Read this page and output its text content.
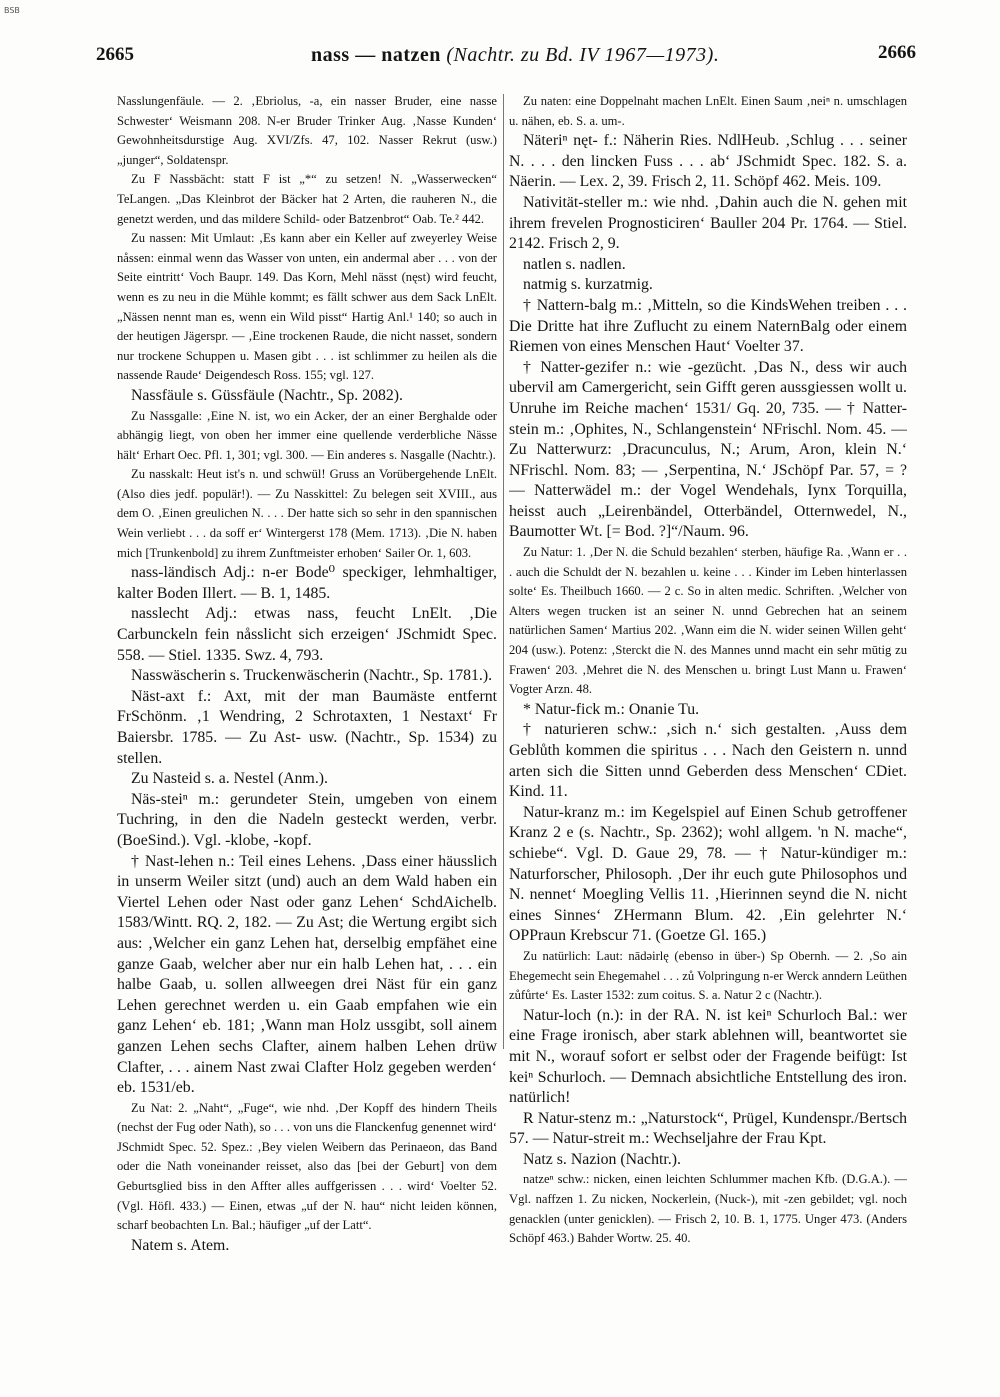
BSB
2665	nass — natzen (Nachtr. zu Bd. IV 1967—1973).	2666

Nasslungenfäule. — 2. ‚Ebriolus, -a, ein nasser Bruder, eine nasse Schwester‘ Weismann 208. N-er Bruder Trinker Aug. ‚Nasse Kunden‘ Gewohnheitsdurstige Aug. XVI/Zfs. 47, 102. Nasser Rekrut (usw.) „junger“, Soldatenspr.

Zu F Nassbächt: statt F ist „*“ zu setzen! N. „Wasserwecken“ TeLangen. „Das Kleinbrot der Bäcker hat 2 Arten, die rauheren N., die genetzt werden, und das mildere Schild- oder Batzenbrot“ Oab. Te.² 442.

Zu nassen: Mit Umlaut: ‚Es kann aber ein Keller auf zweyerley Weise nåssen: einmal wenn das Wasser von unten, ein andermal aber . . . von der Seite eintritt‘ Voch Baupr. 149. Das Korn, Mehl nässt (nęst) wird feucht, wenn es zu neu in die Mühle kommt; es fällt schwer aus dem Sack LnElt. „Nässen nennt man es, wenn ein Wild pisst“ Hartig Anl.¹ 140; so auch in der heutigen Jägerspr. — ‚Eine trockenen Raude, die nicht nasset, sondern nur trockene Schuppen u. Masen gibt . . . ist schlimmer zu heilen als die nassende Raude‘ Deigendesch Ross. 155; vgl. 127.

Nassfäule s. Güssfäule (Nachtr., Sp. 2082).

Zu Nassgalle: ‚Eine N. ist, wo ein Acker, der an einer Berghalde oder abhängig liegt, von oben her immer eine quellende verderbliche Nässe hält‘ Erhart Oec. Pfl. 1, 301; vgl. 300. — Ein anderes s. Nasgalle (Nachtr.).

Zu nasskalt: Heut ist's n. und schwül! Gruss an Vorübergehende LnElt. (Also dies jedf. populär!). — Zu Nasskittel: Zu belegen seit XVIII., aus dem O. ‚Einen greulichen N. . . . Der hatte sich so sehr in den spannischen Wein verliebt . . . da soff er‘ Wintergerst 178 (Mem. 1713). ‚Die N. haben mich [Trunkenbold] zu ihrem Zunftmeister erhoben‘ Sailer Or. 1, 603.

nass-ländisch Adj.: n-er Bode⁰ speckiger, lehmhaltiger, kalter Boden Illert. — B. 1, 1485.

nasslecht Adj.: etwas nass, feucht LnElt. ‚Die Carbunckeln fein nåsslicht sich erzeigen‘ JSchmidt Spec. 558. — Stiel. 1335. Swz. 4, 793.

Nasswäscherin s. Truckenwäscherin (Nachtr., Sp. 1781.).

Näst-axt f.: Axt, mit der man Baumäste entfernt FrSchönm. ‚1 Wendring, 2 Schrotaxten, 1 Nestaxt‘ Fr Baiersbr. 1785. — Zu Ast- usw. (Nachtr., Sp. 1534) zu stellen.

Zu Nasteid s. a. Nestel (Anm.).

Näs-steiⁿ m.: gerundeter Stein, umgeben von einem Tuchring, in den die Nadeln gesteckt werden, verbr. (BoeSind.). Vgl. -klobe, -kopf.

† Nast-lehen n.: Teil eines Lehens. ‚Dass einer häusslich in unserm Weiler sitzt (und) auch an dem Wald haben ein Viertel Lehen oder Nast oder ganz Lehen‘ SchdAichelb. 1583/Wintt. RQ. 2, 182. — Zu Ast; die Wertung ergibt sich aus: ‚Welcher ein ganz Lehen hat, derselbig empfähet eine ganze Gaab, welcher aber nur ein halb Lehen hat, . . . ein halbe Gaab, u. sollen allweegen drei Näst für ein ganz Lehen gerechnet werden u. ein Gaab empfahen wie ein ganz Lehen‘ eb. 181; ‚Wann man Holz ussgibt, soll ainem ganzen Lehen sechs Clafter, ainem halben Lehen drüw Clafter, . . . ainem Nast zwai Clafter Holz gegeben werden‘ eb. 1531/eb.

Zu Nat: 2. „Naht“, „Fuge“, wie nhd. ‚Der Kopff des hindern Theils (nechst der Fug oder Nath), so . . . von uns die Flanckenfug genennet wird‘ JSchmidt Spec. 52. Spez.: ‚Bey vielen Weibern das Perinaeon, das Band oder die Nath voneinander reisset, also das [bei der Geburt] von dem Geburtsglied biss in den Affter alles auffgerissen . . . wird‘ Voelter 52. (Vgl. Höfl. 433.) — Einen, etwas „uf der N. hau“ nicht leiden können, scharf beobachten Ln. Bal.; häufiger „uf der Latt“.

Natem s. Atem.

Zu naten: eine Doppelnaht machen LnElt. Einen Saum ‚neiⁿ n. umschlagen u. nähen, eb. S. a. um-.

Näteriⁿ nęt- f.: Näherin Ries. NdlHeub. ‚Schlug . . . seiner N. . . . den lincken Fuss . . . ab‘ JSchmidt Spec. 182. S. a. Näerin. — Lex. 2, 39. Frisch 2, 11. Schöpf 462. Meis. 109.

Nativität-steller m.: wie nhd. ‚Dahin auch die N. gehen mit ihrem frevelen Prognosticiren‘ Bauller 204 Pr. 1764. — Stiel. 2142. Frisch 2, 9.

natlen s. nadlen.

natmig s. kurzatmig.

† Nattern-balg m.: ‚Mitteln, so die KindsWehen treiben . . . Die Dritte hat ihre Zuflucht zu einem NaternBalg oder einem Riemen von eines Menschen Haut‘ Voelter 37.

† Natter-gezifer n.: wie -gezücht. ‚Das N., dess wir auch ubervil am Camergericht, sein Gifft geren aussgiessen wollt u. Unruhe im Reiche machen‘ 1531/ Gq. 20, 735. — † Natter-stein m.: ‚Ophites, N., Schlangenstein‘ NFrischl. Nom. 45. — Zu Natterwurz: ‚Dracunculus, N.; Arum, Aron, klein N.‘ NFrischl. Nom. 83; — ‚Serpentina, N.‘ JSchöpf Par. 57, = ? — Natterwädel m.: der Vogel Wendehals, Iynx Torquilla, heisst auch „Leirenbändel, Otterbändel, Otternwedel, N., Baumotter Wt. [= Bod. ?]“/Naum. 96.

Zu Natur: 1. ‚Der N. die Schuld bezahlen‘ sterben, häufige Ra. ‚Wann er . . . auch die Schuldt der N. bezahlen u. keine . . . Kinder im Leben hinterlassen solte‘ Es. Theilbuch 1660. — 2 c. So in alten medic. Schriften. ‚Welcher von Alters wegen trucken ist an seiner N. unnd Gebrechen hat an seinem natürlichen Samen‘ Martius 202. ‚Wann eim die N. wider seinen Willen geht‘ 204 (usw.). Potenz: ‚Sterckt die N. des Mannes unnd macht ein sehr mūtig zu Frawen‘ 203. ‚Mehret die N. des Menschen u. bringt Lust Mann u. Frawen‘ Vogter Arzn. 48.

* Natur-fick m.: Onanie Tu.

† naturieren schw.: ‚sich n.‘ sich gestalten. ‚Auss dem Geblůth kommen die spiritus . . . Nach den Geistern n. unnd arten sich die Sitten unnd Geberden dess Menschen‘ CDiet. Kind. 11.

Natur-kranz m.: im Kegelspiel auf Einen Schub getroffener Kranz 2 e (s. Nachtr., Sp. 2362); wohl allgem. 'n N. mache“, schiebe“. Vgl. D. Gaue 29, 78. — † Natur-kündiger m.: Naturforscher, Philosoph. ‚Der ihr euch gute Philosophos und N. nennet‘ Moegling Vellis 11. ‚Hierinnen seynd die N. nicht eines Sinnes‘ ZHermann Blum. 42. ‚Ein gelehrter N.‘ OPPraun Krebscur 71. (Goetze Gl. 165.)

Zu natürlich: Laut: nādəirlę (ebenso in über-) Sp Obernh. — 2. ‚So ain Ehegemecht sein Ehegemahel . . . zů Volpringung n-er Werck anndern Leüthen zůfůrte‘ Es. Laster 1532: zum coitus. S. a. Natur 2 c (Nachtr.).

Natur-loch (n.): in der RA. N. ist keiⁿ Schurloch Bal.: wer eine Frage ironisch, aber stark ablehnen will, beantwortet sie mit N., worauf sofort er selbst oder der Fragende beifügt: Ist keiⁿ Schurloch. — Demnach absichtliche Entstellung des iron. natürlich!

R Natur-stenz m.: „Naturstock“, Prügel, Kundenspr./Bertsch 57. — Natur-streit m.: Wechseljahre der Frau Kpt.

Natz s. Nazion (Nachtr.).

natzeⁿ schw.: nicken, einen leichten Schlummer machen Kfb. (D.G.A.). — Vgl. naffzen 1. Zu nicken, Nockerlein, (Nuck-), mit -zen gebildet; vgl. noch genacklen (unter genicklen). — Frisch 2, 10. B. 1, 1775. Unger 473. (Anders Schöpf 463.) Bahder Wortw. 25. 40.
